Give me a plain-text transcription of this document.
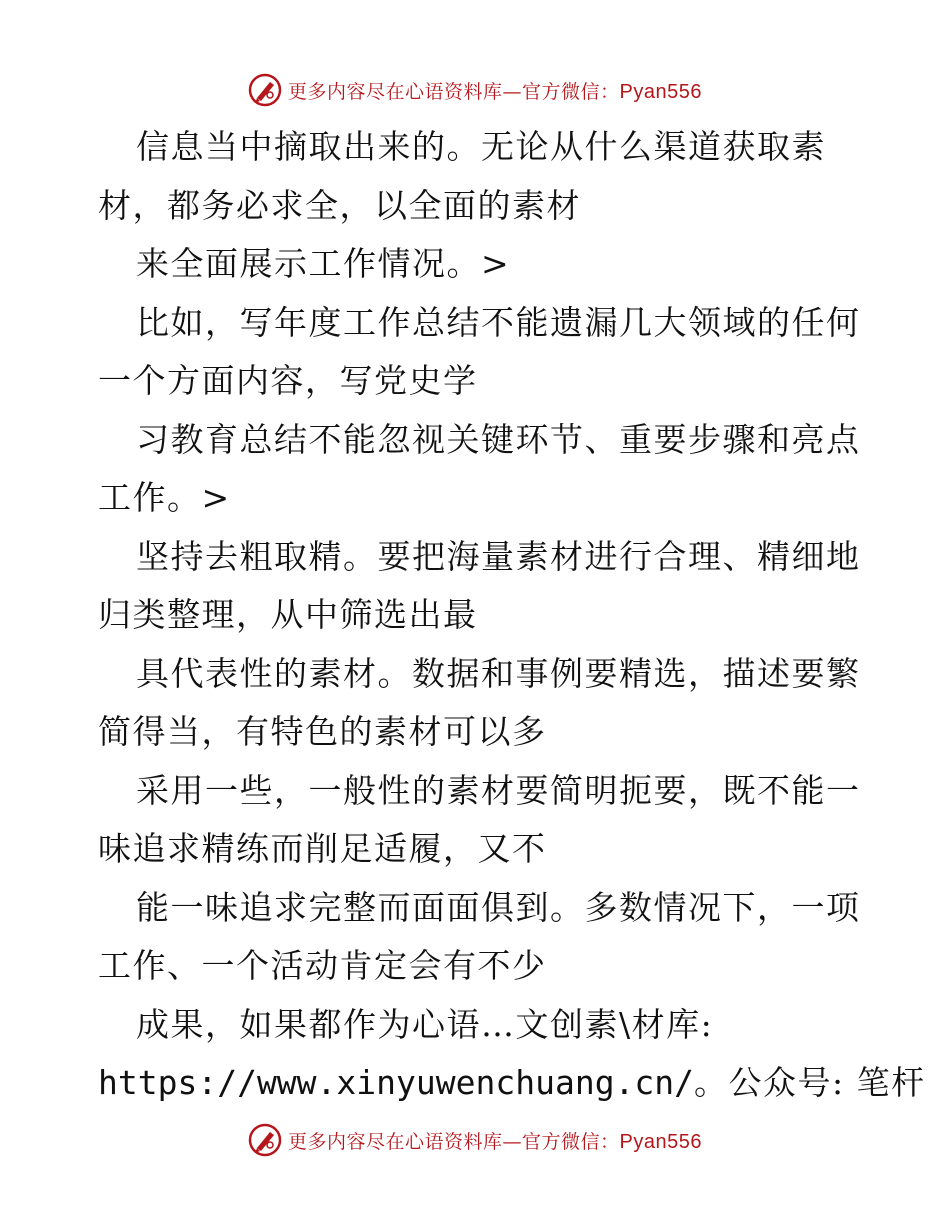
更多内容尽在心语资料库—官方微信：Pyan556
信息当中摘取出来的。无论从什么渠道获取素
材，都务必求全，以全面的素材
来全面展示工作情况。>
比如，写年度工作总结不能遗漏几大领域的任何
一个方面内容，写党史学
习教育总结不能忽视关键环节、重要步骤和亮点
工作。>
坚持去粗取精。要把海量素材进行合理、精细地
归类整理，从中筛选出最
具代表性的素材。数据和事例要精选，描述要繁
简得当，有特色的素材可以多
采用一些，一般性的素材要简明扼要，既不能一
味追求精练而削足适履，又不
能一味追求完整而面面俱到。多数情况下，一项
工作、一个活动肯定会有不少
成果，如果都作为心语…文创素\材库:
https://www.xinyuwenchuang.cn/。公众号: 笔杆
更多内容尽在心语资料库—官方微信：Pyan556
